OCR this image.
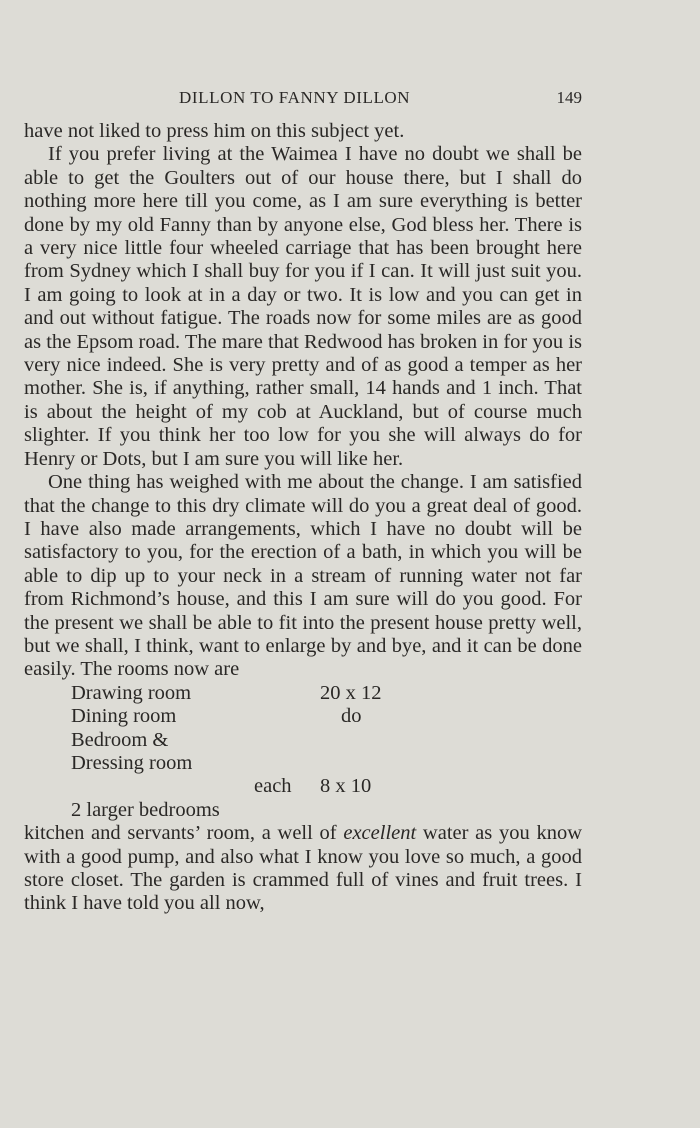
DILLON TO FANNY DILLON	149

have not liked to press him on this subject yet.

If you prefer living at the Waimea I have no doubt we shall be able to get the Goulters out of our house there, but I shall do nothing more here till you come, as I am sure everything is better done by my old Fanny than by anyone else, God bless her. There is a very nice little four wheeled carriage that has been brought here from Sydney which I shall buy for you if I can. It will just suit you. I am going to look at in a day or two. It is low and you can get in and out without fatigue. The roads now for some miles are as good as the Epsom road. The mare that Redwood has broken in for you is very nice indeed. She is very pretty and of as good a temper as her mother. She is, if anything, rather small, 14 hands and 1 inch. That is about the height of my cob at Auckland, but of course much slighter. If you think her too low for you she will always do for Henry or Dots, but I am sure you will like her.

One thing has weighed with me about the change. I am satisfied that the change to this dry climate will do you a great deal of good. I have also made arrangements, which I have no doubt will be satisfactory to you, for the erection of a bath, in which you will be able to dip up to your neck in a stream of running water not far from Richmond’s house, and this I am sure will do you good. For the present we shall be able to fit into the present house pretty well, but we shall, I think, want to enlarge by and bye, and it can be done easily. The rooms now are

Drawing room	20 x 12
Dining room	do
Bedroom &
Dressing room
each 8 x 10
2 larger bedrooms

kitchen and servants’ room, a well of excellent water as you know with a good pump, and also what I know you love so much, a good store closet. The garden is crammed full of vines and fruit trees. I think I have told you all now,
